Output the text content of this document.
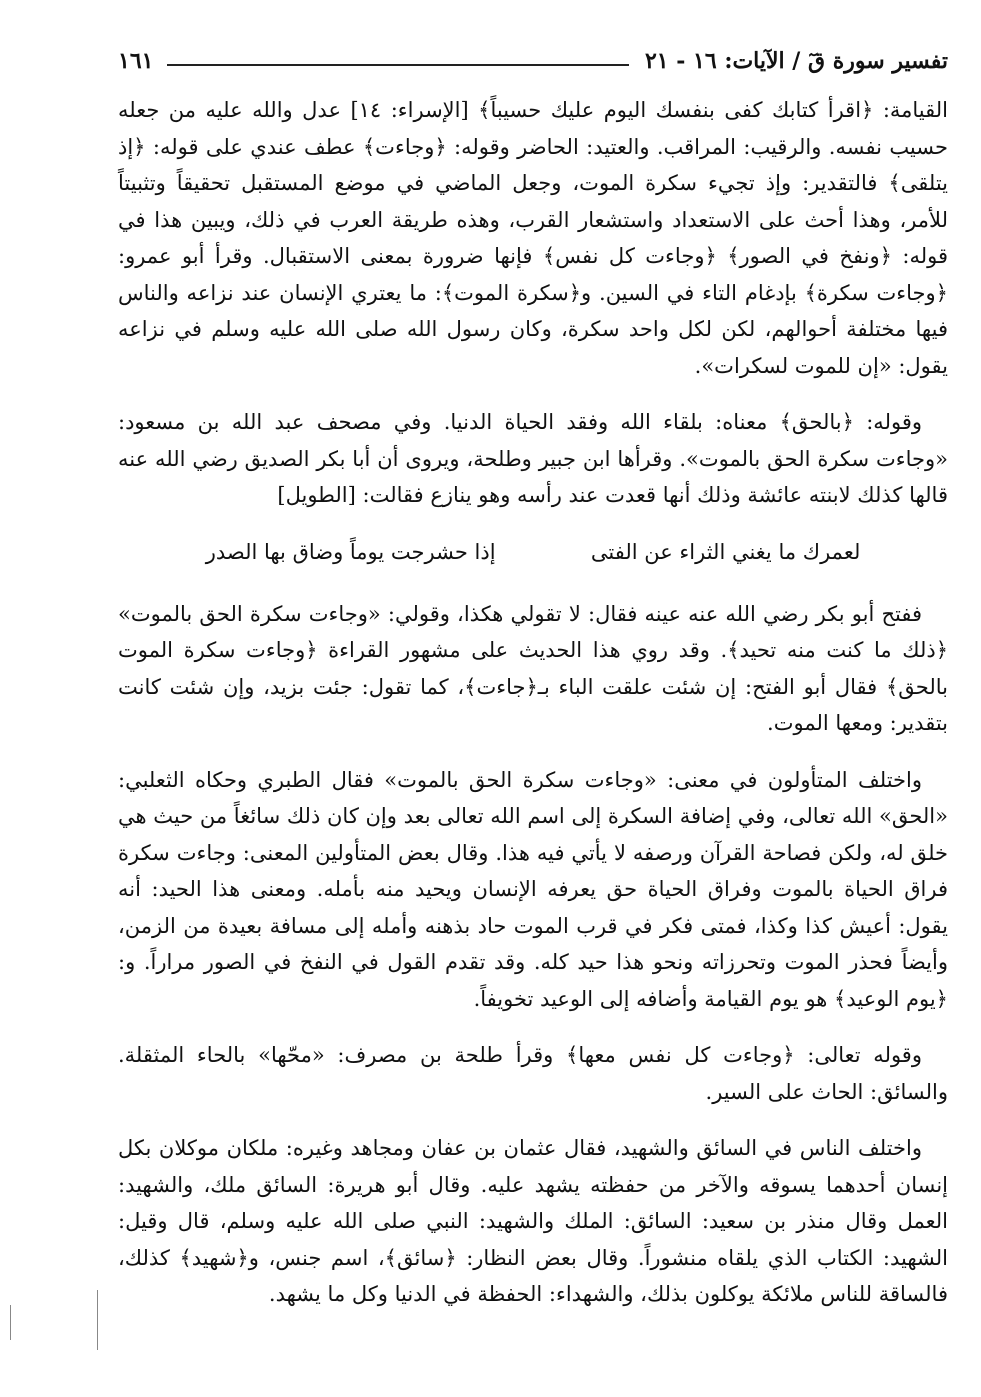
تفسير سورة قٓ / الآيات: ١٦ - ٢١
١٦١

القيامة: ﴿اقرأ كتابك كفى بنفسك اليوم عليك حسيباً﴾ [الإسراء: ١٤] عدل والله عليه من جعله حسيب نفسه. والرقيب: المراقب. والعتيد: الحاضر وقوله: ﴿وجاءت﴾ عطف عندي على قوله: ﴿إذ يتلقى﴾ فالتقدير: وإذ تجيء سكرة الموت، وجعل الماضي في موضع المستقبل تحقيقاً وتثبيتاً للأمر، وهذا أحث على الاستعداد واستشعار القرب، وهذه طريقة العرب في ذلك، ويبين هذا في قوله: ﴿ونفخ في الصور﴾ ﴿وجاءت كل نفس﴾ فإنها ضرورة بمعنى الاستقبال. وقرأ أبو عمرو: ﴿وجاءت سكرة﴾ بإدغام التاء في السين. و﴿سكرة الموت﴾: ما يعتري الإنسان عند نزاعه والناس فيها مختلفة أحوالهم، لكن لكل واحد سكرة، وكان رسول الله صلى الله عليه وسلم في نزاعه يقول: «إن للموت لسكرات».

وقوله: ﴿بالحق﴾ معناه: بلقاء الله وفقد الحياة الدنيا. وفي مصحف عبد الله بن مسعود: «وجاءت سكرة الحق بالموت». وقرأها ابن جبير وطلحة، ويروى أن أبا بكر الصديق رضي الله عنه قالها كذلك لابنته عائشة وذلك أنها قعدت عند رأسه وهو ينازع فقالت: [الطويل]

لعمرك ما يغني الثراء عن الفتى
إذا حشرجت يوماً وضاق بها الصدر

ففتح أبو بكر رضي الله عنه عينه فقال: لا تقولي هكذا، وقولي: «وجاءت سكرة الحق بالموت» ﴿ذلك ما كنت منه تحيد﴾. وقد روي هذا الحديث على مشهور القراءة ﴿وجاءت سكرة الموت بالحق﴾ فقال أبو الفتح: إن شئت علقت الباء بـ﴿جاءت﴾، كما تقول: جئت بزيد، وإن شئت كانت بتقدير: ومعها الموت.

واختلف المتأولون في معنى: «وجاءت سكرة الحق بالموت» فقال الطبري وحكاه الثعلبي: «الحق» الله تعالى، وفي إضافة السكرة إلى اسم الله تعالى بعد وإن كان ذلك سائغاً من حيث هي خلق له، ولكن فصاحة القرآن ورصفه لا يأتي فيه هذا. وقال بعض المتأولين المعنى: وجاءت سكرة فراق الحياة بالموت وفراق الحياة حق يعرفه الإنسان ويحيد منه بأمله. ومعنى هذا الحيد: أنه يقول: أعيش كذا وكذا، فمتى فكر في قرب الموت حاد بذهنه وأمله إلى مسافة بعيدة من الزمن، وأيضاً فحذر الموت وتحرزاته ونحو هذا حيد كله. وقد تقدم القول في النفخ في الصور مراراً. و: ﴿يوم الوعيد﴾ هو يوم القيامة وأضافه إلى الوعيد تخويفاً.

وقوله تعالى: ﴿وجاءت كل نفس معها﴾ وقرأ طلحة بن مصرف: «محّها» بالحاء المثقلة. والسائق: الحاث على السير.

واختلف الناس في السائق والشهيد، فقال عثمان بن عفان ومجاهد وغيره: ملكان موكلان بكل إنسان أحدهما يسوقه والآخر من حفظته يشهد عليه. وقال أبو هريرة: السائق ملك، والشهيد: العمل وقال منذر بن سعيد: السائق: الملك والشهيد: النبي صلى الله عليه وسلم، قال وقيل: الشهيد: الكتاب الذي يلقاه منشوراً. وقال بعض النظار: ﴿سائق﴾، اسم جنس، و﴿شهيد﴾ كذلك، فالساقة للناس ملائكة يوكلون بذلك، والشهداء: الحفظة في الدنيا وكل ما يشهد.
